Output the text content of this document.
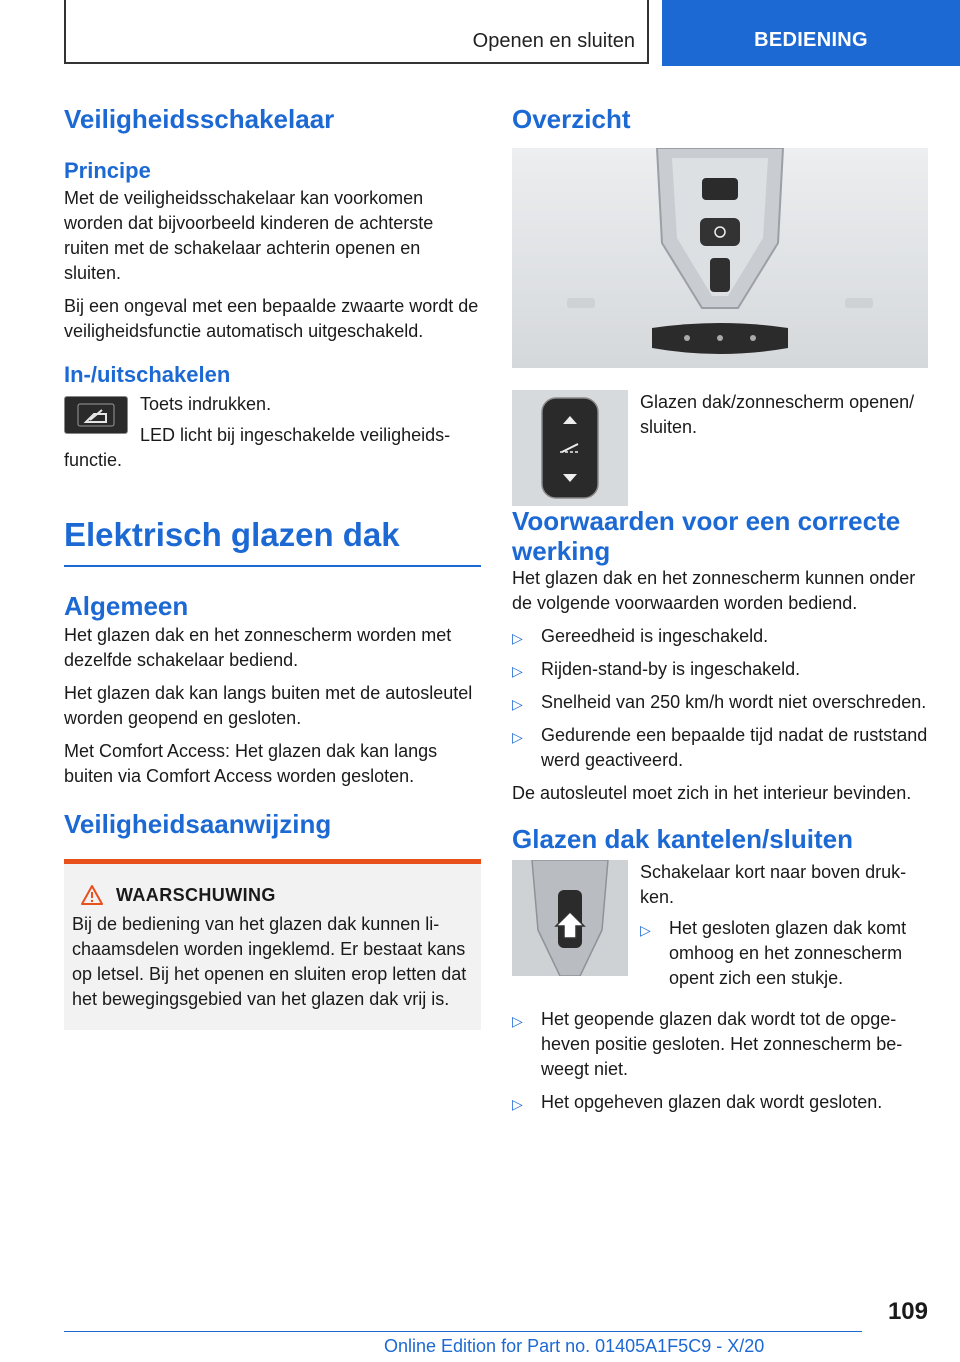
Openen en sluiten	BEDIENING
Veiligheidsschakelaar
Principe

Met de veiligheidsschakelaar kan voorkomen worden dat bijvoorbeeld kinderen de achterste ruiten met de schakelaar achterin openen en sluiten.

Bij een ongeval met een bepaalde zwaarte wordt de veiligheidsfunctie automatisch uitgeschakeld.

In-/uitschakelen

Toets indrukken.

LED licht bij ingeschakelde veiligheidsfunctie.

Elektrisch glazen dak
Algemeen

Het glazen dak en het zonnescherm worden met dezelfde schakelaar bediend.

Het glazen dak kan langs buiten met de autosleutel worden geopend en gesloten.

Met Comfort Access: Het glazen dak kan langs buiten via Comfort Access worden gesloten.

Veiligheidsaanwijzing
WAARSCHUWING

Bij de bediening van het glazen dak kunnen lichaamsdelen worden ingeklemd. Er bestaat kans op letsel. Bij het openen en sluiten erop letten dat het bewegingsgebied van het glazen dak vrij is.

Overzicht

Glazen dak/zonnescherm openen/ sluiten.

Voorwaarden voor een correcte werking

Het glazen dak en het zonnescherm kunnen onder de volgende voorwaarden worden bediend.

▷ Gereedheid is ingeschakeld.
▷ Rijden-stand-by is ingeschakeld.
▷ Snelheid van 250 km/h wordt niet overschreden.
▷ Gedurende een bepaalde tijd nadat de ruststand werd geactiveerd.

De autosleutel moet zich in het interieur bevinden.

Glazen dak kantelen/sluiten

Schakelaar kort naar boven drukken.

▷ Het gesloten glazen dak komt omhoog en het zonnescherm opent zich een stukje.
▷ Het geopende glazen dak wordt tot de opgeheven positie gesloten. Het zonnescherm beweegt niet.
▷ Het opgeheven glazen dak wordt gesloten.
109
Online Edition for Part no. 01405A1F5C9 - X/20
